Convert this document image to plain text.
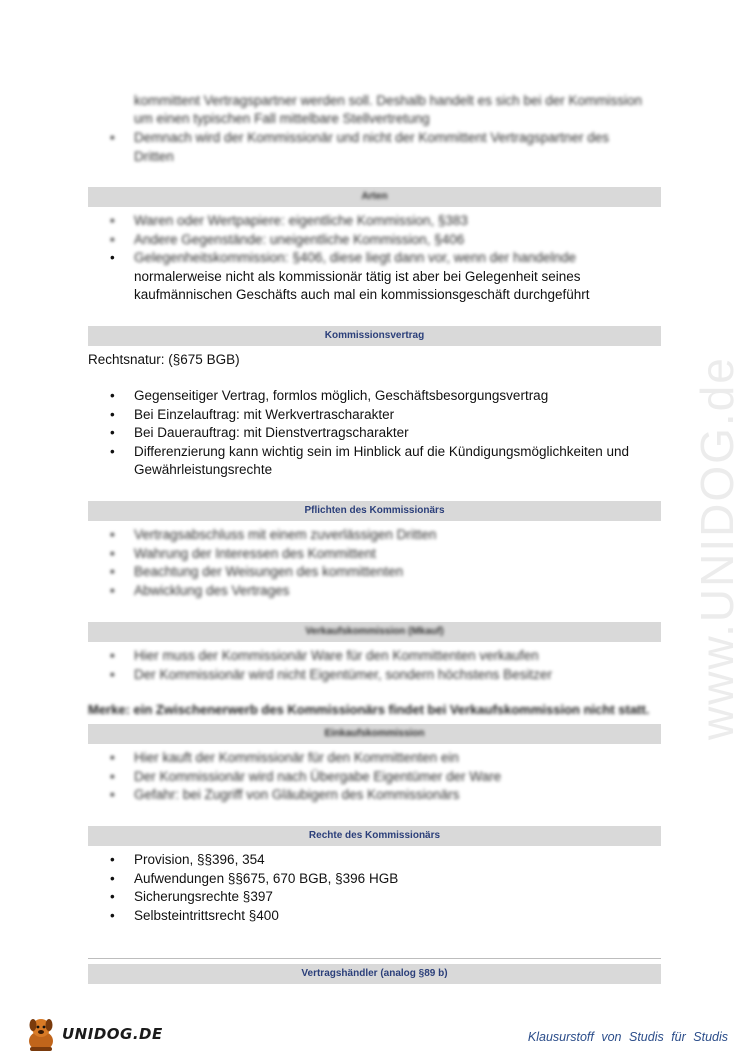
kommittent Vertragspartner werden soll. Deshalb handelt es sich bei der Kommission
um einen typischen Fall mittelbare Stellvertretung
• Demnach wird der Kommissionär und nicht der Kommittent Vertragspartner des Dritten
Arten
• Waren oder Wertpapiere: eigentliche Kommission, §383
• Andere Gegenstände: uneigentliche Kommission, §406
• Gelegenheitskommission: §406, diese liegt dann vor, wenn der handelnde
normalerweise nicht als kommissionär tätig ist aber bei Gelegenheit seines
kaufmännischen Geschäfts auch mal ein kommissionsgeschäft durchgeführt
Kommissionsvertrag
Rechtsnatur: (§675 BGB)
• Gegenseitiger Vertrag, formlos möglich, Geschäftsbesorgungsvertrag
• Bei Einzelauftrag: mit Werkvertrascharakter
• Bei Dauerauftrag: mit Dienstvertragscharakter
• Differenzierung kann wichtig sein im Hinblick auf die Kündigungsmöglichkeiten und Gewährleistungsrechte
Pflichten des Kommissionärs
• Vertragsabschluss mit einem zuverlässigen Dritten
• Wahrung der Interessen des Kommittent
• Beachtung der Weisungen des kommittenten
• Abwicklung des Vertrages
Verkaufskommission (Mkauf)
• Hier muss der Kommissionär Ware für den Kommittenten verkaufen
• Der Kommissionär wird nicht Eigentümer, sondern höchstens Besitzer
Merke: ein Zwischenerwerb des Kommissionärs findet bei Verkaufskommission nicht statt.
Einkaufskommission
• Hier kauft der Kommissionär für den Kommittenten ein
• Der Kommissionär wird nach Übergabe Eigentümer der Ware
• Gefahr: bei Zugriff von Gläubigern des Kommissionärs
Rechte des Kommissionärs
• Provision, §§396, 354
• Aufwendungen §§675, 670 BGB, §396 HGB
• Sicherungsrechte §397
• Selbsteintrittsrecht §400
Vertragshändler (analog §89 b)
www.UNIDOG.de
UNIDOG.DE	Klausurstoff von Studis für Studis
